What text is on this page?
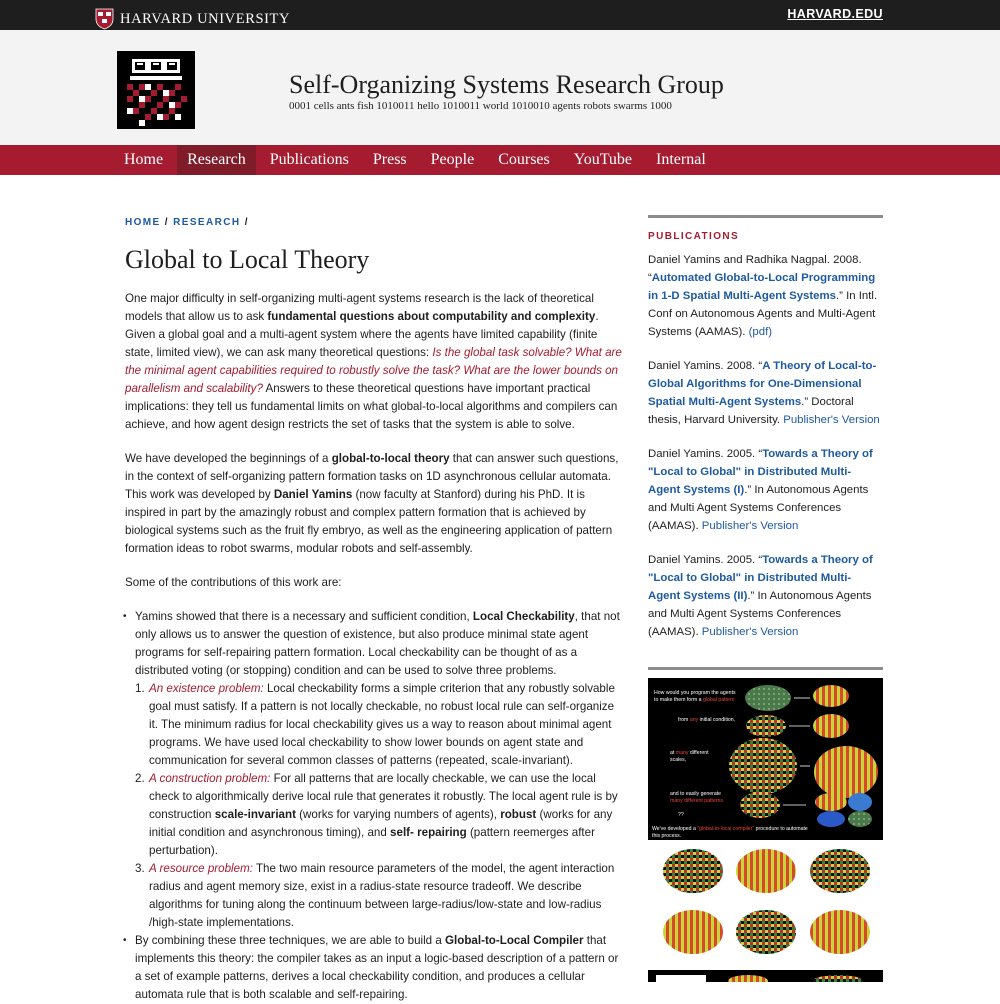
HARVARD UNIVERSITY	HARVARD.EDU
Self-Organizing Systems Research Group
0001 cells ants fish 1010011 hello 1010011 world 1010010 agents robots swarms 1000
Home	Research	Publications	Press	People	Courses	YouTube	Internal
HOME / RESEARCH /
Global to Local Theory

One major difficulty in self-organizing multi-agent systems research is the lack of theoretical models that allow us to ask fundamental questions about computability and complexity. Given a global goal and a multi-agent system where the agents have limited capability (finite state, limited view), we can ask many theoretical questions: Is the global task solvable? What are the minimal agent capabilities required to robustly solve the task? What are the lower bounds on parallelism and scalability? Answers to these theoretical questions have important practical implications: they tell us fundamental limits on what global-to-local algorithms and compilers can achieve, and how agent design restricts the set of tasks that the system is able to solve.

We have developed the beginnings of a global-to-local theory that can answer such questions, in the context of self-organizing pattern formation tasks on 1D asynchronous cellular automata. This work was developed by Daniel Yamins (now faculty at Stanford) during his PhD. It is inspired in part by the amazingly robust and complex pattern formation that is achieved by biological systems such as the fruit fly embryo, as well as the engineering application of pattern formation ideas to robot swarms, modular robots and self-assembly.

Some of the contributions of this work are:

• Yamins showed that there is a necessary and sufficient condition, Local Checkability, that not only allows us to answer the question of existence, but also produce minimal state agent programs for self-repairing pattern formation. Local checkability can be thought of as a distributed voting (or stopping) condition and can be used to solve three problems.
1. An existence problem: Local checkability forms a simple criterion that any robustly solvable goal must satisfy. If a pattern is not locally checkable, no robust local rule can self-organize it. The minimum radius for local checkability gives us a way to reason about minimal agent programs. We have used local checkability to show lower bounds on agent state and communication for several common classes of patterns (repeated, scale-invariant).
2. A construction problem: For all patterns that are locally checkable, we can use the local check to algorithmically derive local rule that generates it robustly. The local agent rule is by construction scale-invariant (works for varying numbers of agents), robust (works for any initial condition and asynchronous timing), and self- repairing (pattern reemerges after perturbation).
3. A resource problem: The two main resource parameters of the model, the agent interaction radius and agent memory size, exist in a radius-state resource tradeoff. We describe algorithms for tuning along the continuum between large-radius/low-state and low-radius /high-state implementations.
• By combining these three techniques, we are able to build a Global-to-Local Compiler that implements this theory: the compiler takes as an input a logic-based description of a pattern or a set of example patterns, derives a local checkability condition, and produces a cellular automata rule that is both scalable and self-repairing.
PUBLICATIONS
Daniel Yamins and Radhika Nagpal. 2008. “Automated Global-to-Local Programming in 1-D Spatial Multi-Agent Systems.” In Intl. Conf on Autonomous Agents and Multi-Agent Systems (AAMAS). (pdf)
Daniel Yamins. 2008. “A Theory of Local-to-Global Algorithms for One-Dimensional Spatial Multi-Agent Systems.” Doctoral thesis, Harvard University. Publisher's Version
Daniel Yamins. 2005. “Towards a Theory of "Local to Global" in Distributed Multi-Agent Systems (I).” In Autonomous Agents and Multi Agent Systems Conferences (AAMAS). Publisher's Version
Daniel Yamins. 2005. “Towards a Theory of "Local to Global" in Distributed Multi-Agent Systems (II).” In Autonomous Agents and Multi Agent Systems Conferences (AAMAS). Publisher's Version
How would you program the agents
to make them form a global pattern
from any initial condition,
at many different
scales,
and to easily generate
many different patterns.
??
We've developed a “global-to-local compiler” procedure to automate
this process.
